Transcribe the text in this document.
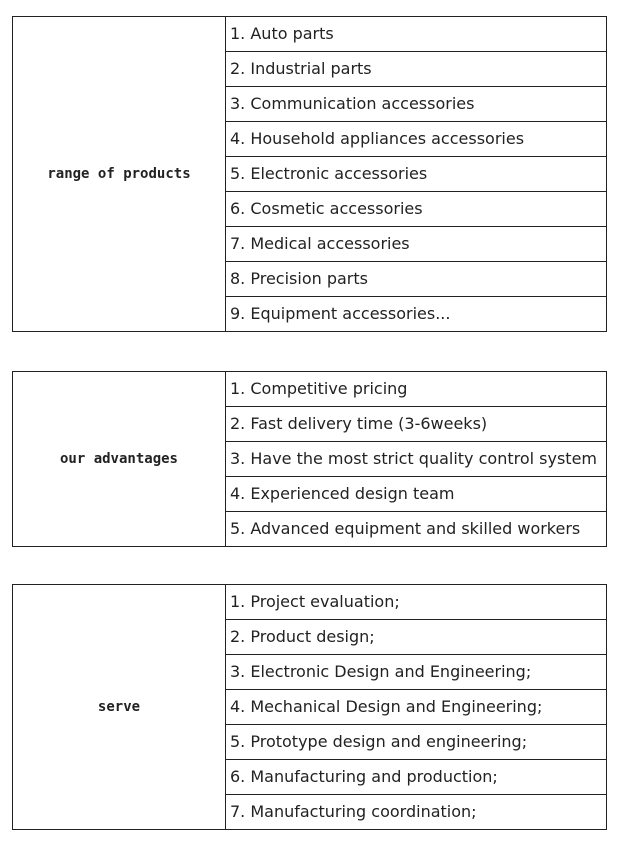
range of products	1. Auto parts
2. Industrial parts
3. Communication accessories
4. Household appliances accessories
5. Electronic accessories
6. Cosmetic accessories
7. Medical accessories
8. Precision parts
9. Equipment accessories...
our advantages	1. Competitive pricing
2. Fast delivery time (3-6weeks)
3. Have the most strict quality control system
4. Experienced design team
5. Advanced equipment and skilled workers
serve	1. Project evaluation;
2. Product design;
3. Electronic Design and Engineering;
4. Mechanical Design and Engineering;
5. Prototype design and engineering;
6. Manufacturing and production;
7. Manufacturing coordination;
